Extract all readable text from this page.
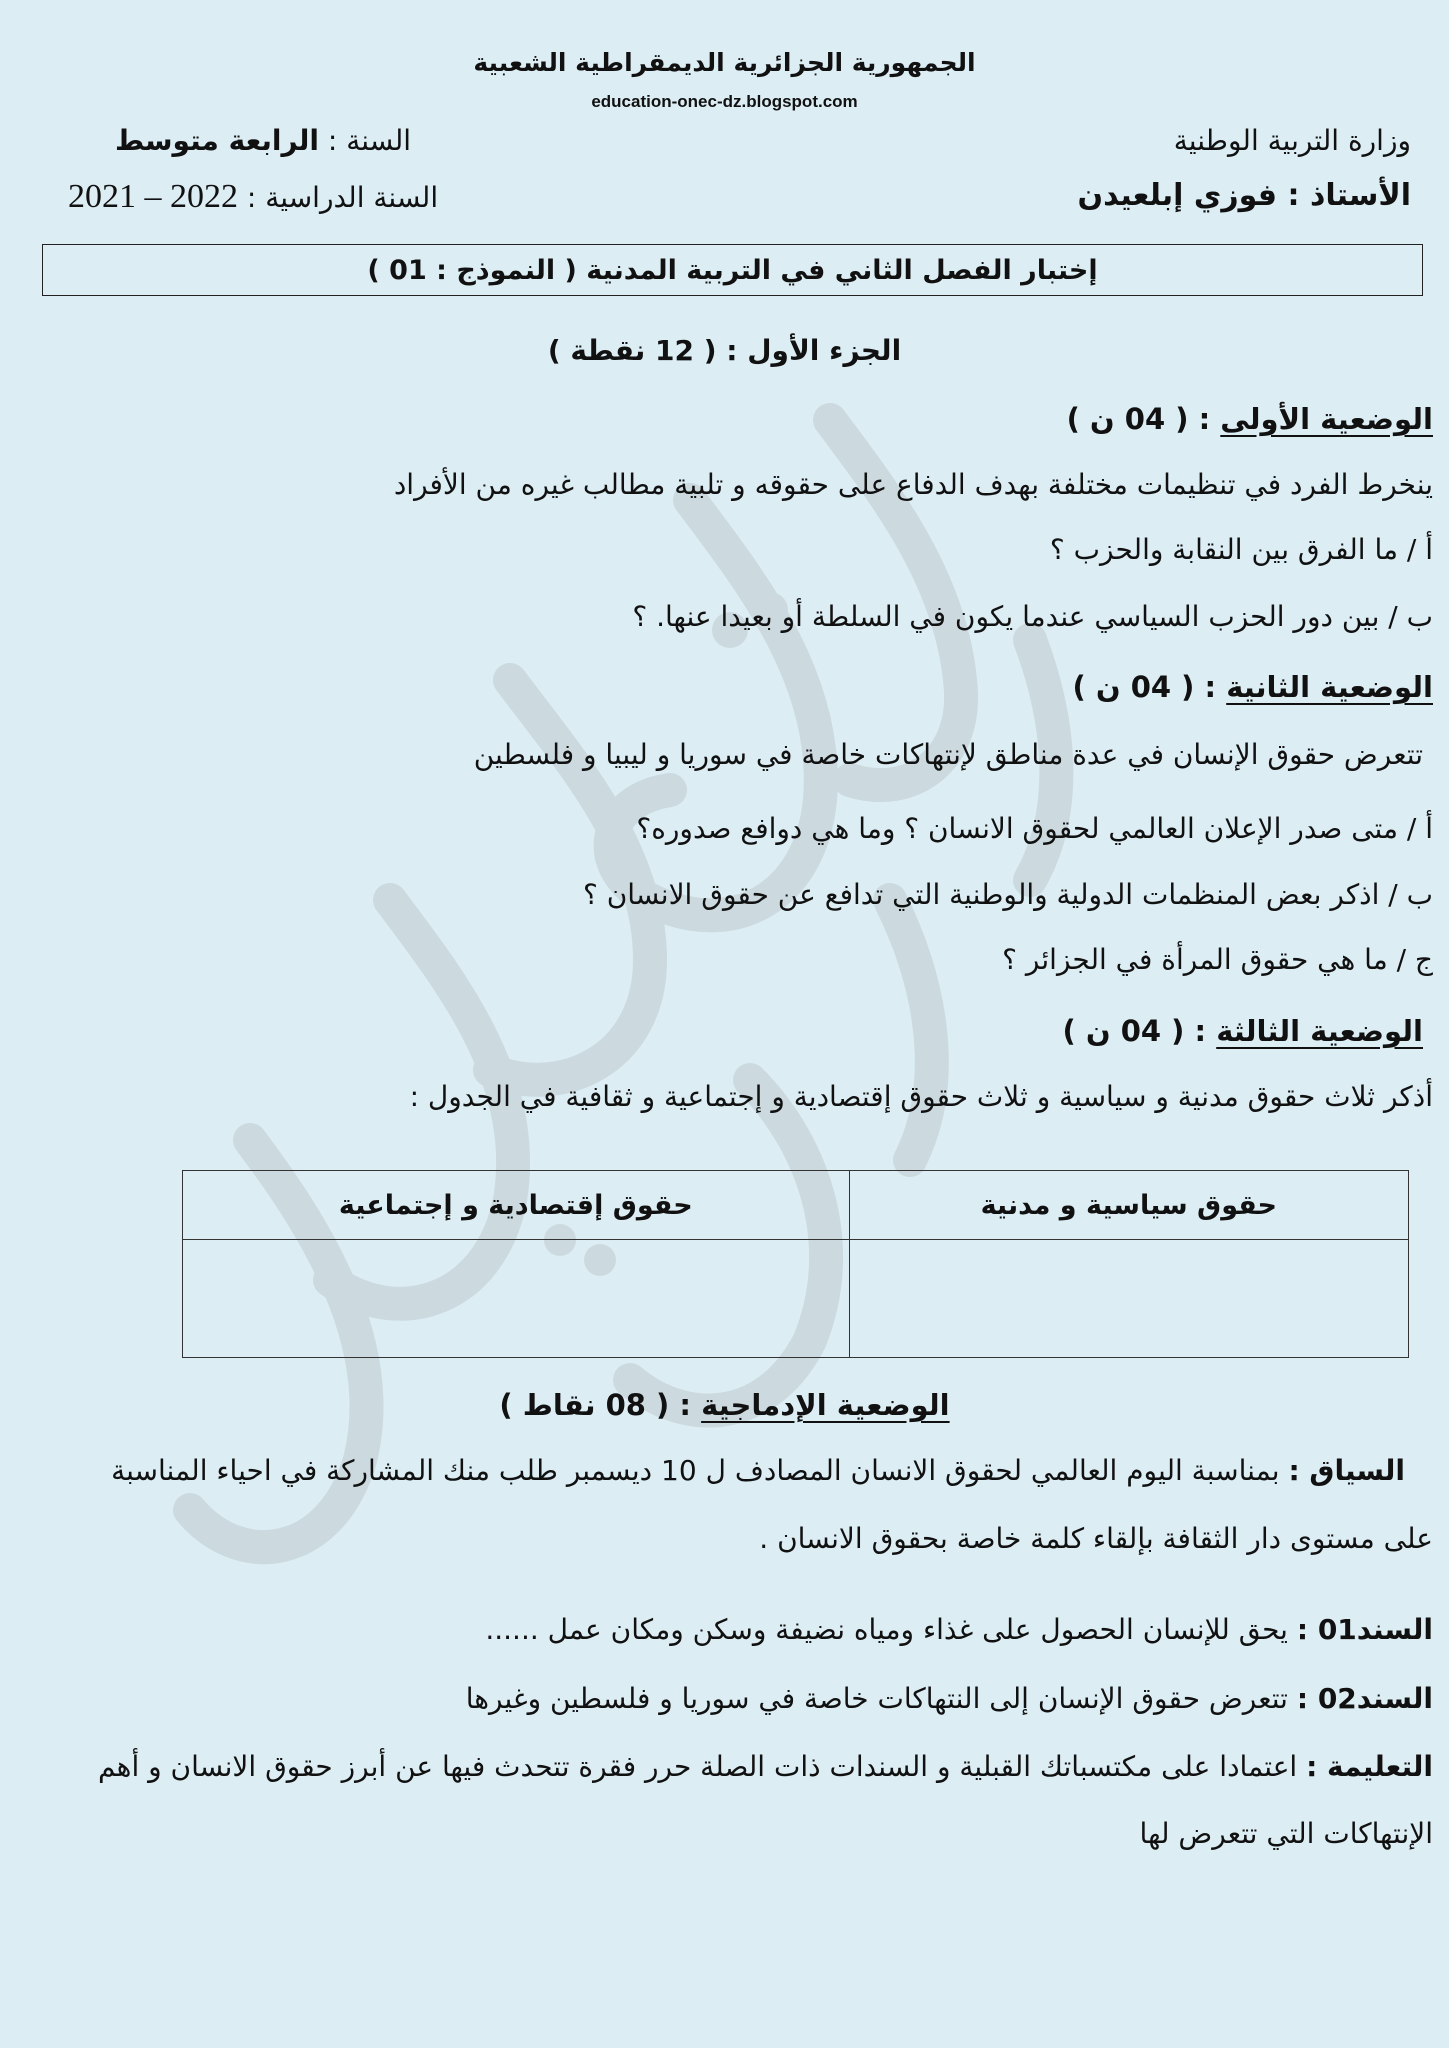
الجمهورية الجزائرية الديمقراطية الشعبية
education-onec-dz.blogspot.com
وزارة التربية الوطنية
الأستاذ : فوزي إبلعيدن
السنة : الرابعة متوسط
السنة الدراسية : 2021 – 2022
إختبار الفصل الثاني في التربية المدنية ( النموذج : 01 )
الجزء الأول : ( 12 نقطة )
الوضعية الأولى : ( 04 ن )
ينخرط الفرد في تنظيمات مختلفة بهدف الدفاع على حقوقه و تلبية مطالب غيره من الأفراد
أ / ما الفرق بين النقابة والحزب ؟
ب / بين دور الحزب السياسي عندما يكون في السلطة أو بعيدا عنها. ؟
الوضعية الثانية : ( 04 ن )
تتعرض حقوق الإنسان في عدة مناطق لإنتهاكات خاصة في سوريا و ليبيا و فلسطين
أ / متى صدر الإعلان العالمي لحقوق الانسان ؟ وما هي دوافع صدوره؟
ب / اذكر بعض المنظمات الدولية والوطنية التي تدافع عن حقوق الانسان ؟
ج / ما هي حقوق المرأة في الجزائر ؟
الوضعية الثالثة : ( 04 ن )
أذكر ثلاث حقوق مدنية و سياسية و ثلاث حقوق إقتصادية و إجتماعية و ثقافية في الجدول :
حقوق سياسية و مدنية	حقوق إقتصادية و إجتماعية

الوضعية الإدماجية : ( 08 نقاط )
السياق : بمناسبة اليوم العالمي لحقوق الانسان المصادف ل 10 ديسمبر طلب منك المشاركة في احياء المناسبة
على مستوى دار الثقافة بإلقاء كلمة خاصة بحقوق الانسان .
السند01 : يحق للإنسان الحصول على غذاء ومياه نضيفة وسكن ومكان عمل ......
السند02 : تتعرض حقوق الإنسان إلى النتهاكات خاصة في سوريا و فلسطين وغيرها
التعليمة : اعتمادا على مكتسباتك القبلية و السندات ذات الصلة حرر فقرة تتحدث فيها عن أبرز حقوق الانسان و أهم
الإنتهاكات التي تتعرض لها
